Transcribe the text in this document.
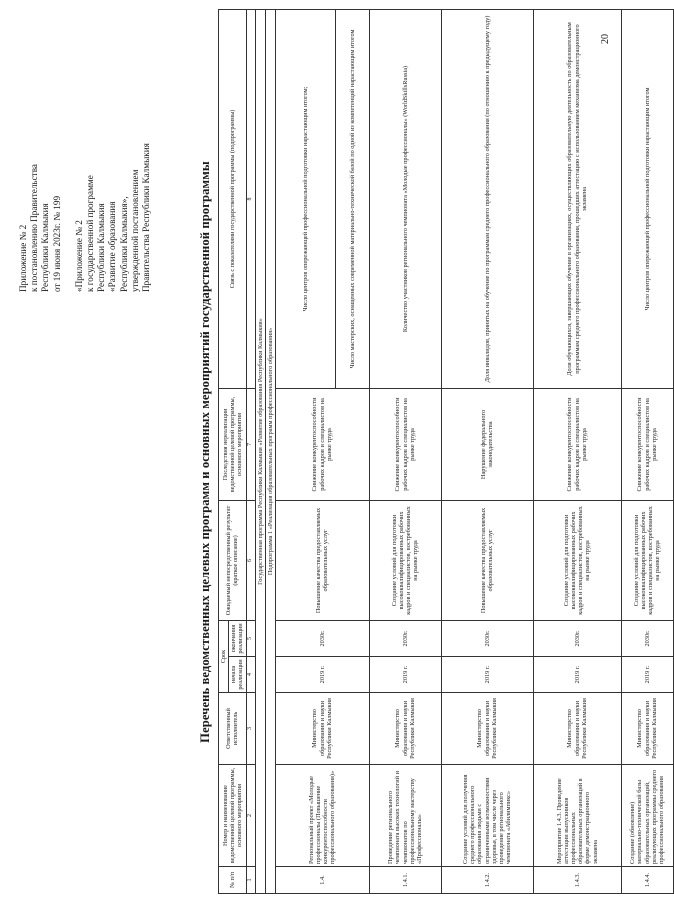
Приложение № 2 к постановлению Правительства Республики Калмыкия от 19 июня 2023г. № 199 «Приложение № 2 к государственной программе Республики Калмыкия «Развитие образования Республики Калмыкия», утвержденной постановлением Правительства Республики Калмыкия	Перечень ведомственных целевых программ и основных мероприятий государственной программы
№ п/п	Номер и наименование ведомственной целевой программы, основного мероприятия	Ответственный исполнитель	Срок		Ожидаемый непосредственный результат (краткое описание)	Последствия нереализации ведомственной целевой программы, основного мероприятия	Связь с показателями государственной программы (подпрограммы)
			начала реализации	окончания реализации			
1	2	3	4	5	6	7	8
Государственная программа Республики Калмыкия «Развитие образования Республики Калмыкия»							
Подпрограмма 1 «Реализация образовательных программ профессионального образования»							
1.4.	Региональный проект «Молодые профессионалы (Повышение конкурентоспособности профессионального образования)»	Министерство образования и науки Республики Калмыкия	2019 г.	2030г.	Повышение качества предоставляемых образовательных услуг	Снижение конкурентоспособности рабочих кадров и специалистов на рынке труда	Число центров опережающей профессиональной подготовки нарастающим итогом;
							Число мастерских, оснащенных современной материально-технической базой по одной из компетенций нарастающим итогом
1.4.1.	Проведение регионального чемпионата высоких технологий и чемпионатов по профессиональному мастерству «Профессионалы»	Министерство образования и науки Республики Калмыкия	2019 г.	2030г.	Создание условий для подготовки высококвалифицированных рабочих кадров и специалистов, востребованных на рынке труда	Снижение конкурентоспособности рабочих кадров и специалистов на рынке труда	Количество участников регионального чемпионата «Молодые профессионалы» (WorldSkillsRussia)
1.4.2.	Создание условий для получения среднего профессионального образования людьми с ограниченными возможностями здоровья, в том числе через проведение регионального чемпионата «Абилимпикс»	Министерство образования и науки Республики Калмыкия	2019 г.	2030г.	Повышение качества предоставляемых образовательных услуг	Нарушение федерального законодательства	Доля инвалидов, принятых на обучение по программам среднего профессионального образования (по отношению к предыдущему году)
1.4.3.	Мероприятие 1.4.3. Проведение аттестации выпускников профессиональных образовательных организаций в форме демонстрационного экзамена	Министерство образования и науки Республики Калмыкия	2019 г.	2030г.	Создание условий для подготовки высококвалифицированных рабочих кадров и специалистов, востребованных на рынке труда	Снижение конкурентоспособности рабочих кадров и специалистов на рынке труда	Доля обучающихся, завершающих обучение в организациях, осуществляющих образовательную деятельность по образовательным программам среднего профессионального образования, прошедших аттестацию с использованием механизма демонстрационного экзамена
1.4.4.	Создание (обновление) материально-технической базы образовательных организаций, реализующих программы среднего профессионального образования	Министерство образования и науки Республики Калмыкия	2019 г.	2030г.	Создание условий для подготовки высококвалифицированных рабочих кадров и специалистов, востребованных на рынке труда	Снижение конкурентоспособности рабочих кадров и специалистов на рынке труда	Число центров опережающей профессиональной подготовки нарастающим итогом
20
